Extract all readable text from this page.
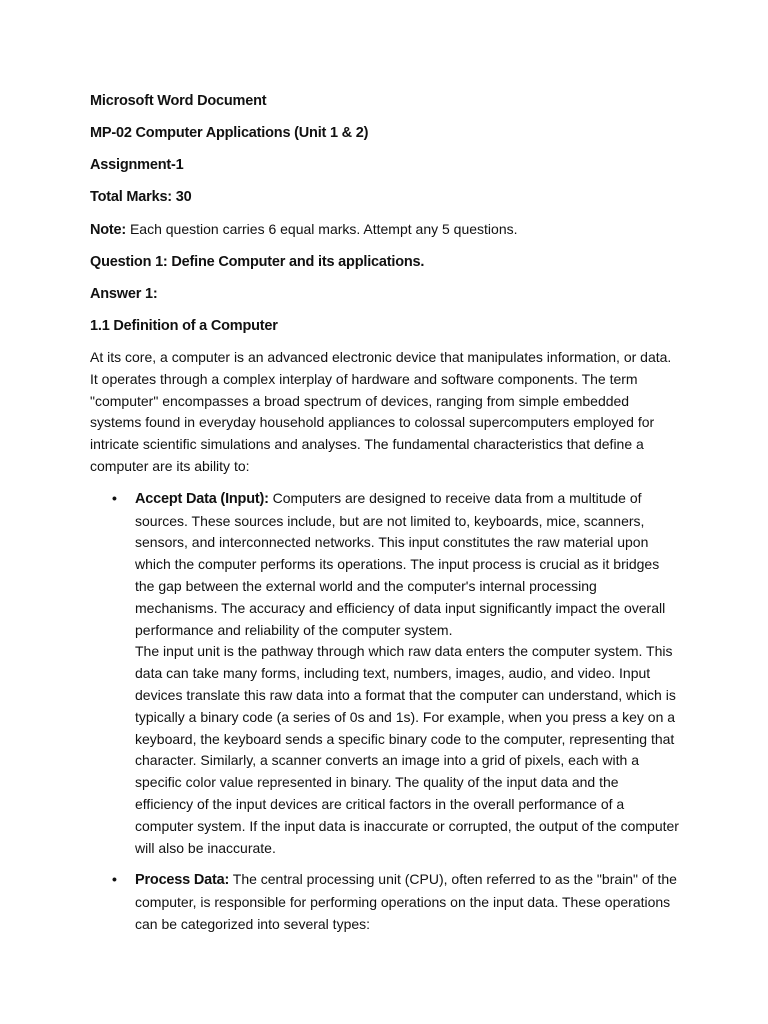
Microsoft Word Document
MP-02 Computer Applications (Unit 1 & 2)
Assignment-1
Total Marks: 30
Note: Each question carries 6 equal marks. Attempt any 5 questions.
Question 1: Define Computer and its applications.
Answer 1:
1.1 Definition of a Computer
At its core, a computer is an advanced electronic device that manipulates information, or data. It operates through a complex interplay of hardware and software components. The term "computer" encompasses a broad spectrum of devices, ranging from simple embedded systems found in everyday household appliances to colossal supercomputers employed for intricate scientific simulations and analyses. The fundamental characteristics that define a computer are its ability to:
• Accept Data (Input): Computers are designed to receive data from a multitude of sources. These sources include, but are not limited to, keyboards, mice, scanners, sensors, and interconnected networks. This input constitutes the raw material upon which the computer performs its operations. The input process is crucial as it bridges the gap between the external world and the computer's internal processing mechanisms. The accuracy and efficiency of data input significantly impact the overall performance and reliability of the computer system.
The input unit is the pathway through which raw data enters the computer system. This data can take many forms, including text, numbers, images, audio, and video. Input devices translate this raw data into a format that the computer can understand, which is typically a binary code (a series of 0s and 1s). For example, when you press a key on a keyboard, the keyboard sends a specific binary code to the computer, representing that character. Similarly, a scanner converts an image into a grid of pixels, each with a specific color value represented in binary. The quality of the input data and the efficiency of the input devices are critical factors in the overall performance of a computer system. If the input data is inaccurate or corrupted, the output of the computer will also be inaccurate.
• Process Data: The central processing unit (CPU), often referred to as the "brain" of the computer, is responsible for performing operations on the input data. These operations can be categorized into several types:
